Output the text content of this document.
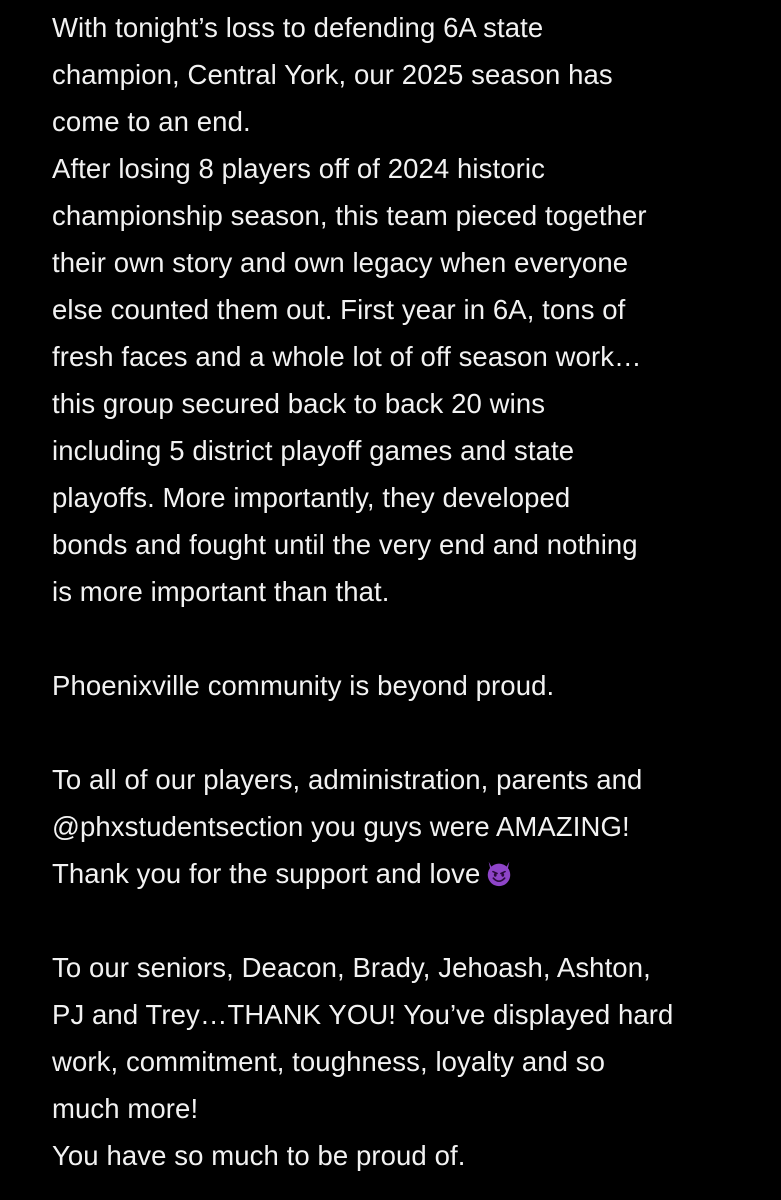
With tonight’s loss to defending 6A state
champion, Central York, our 2025 season has
come to an end.
After losing 8 players off of 2024 historic
championship season, this team pieced together
their own story and own legacy when everyone
else counted them out. First year in 6A, tons of
fresh faces and a whole lot of off season work…
this group secured back to back 20 wins
including 5 district playoff games and state
playoffs. More importantly, they developed
bonds and fought until the very end and nothing
is more important than that.
Phoenixville community is beyond proud.
To all of our players, administration, parents and
@phxstudentsection you guys were AMAZING!
Thank you for the support and love
To our seniors, Deacon, Brady, Jehoash, Ashton,
PJ and Trey…THANK YOU! You’ve displayed hard
work, commitment, toughness, loyalty and so
much more!
You have so much to be proud of.
